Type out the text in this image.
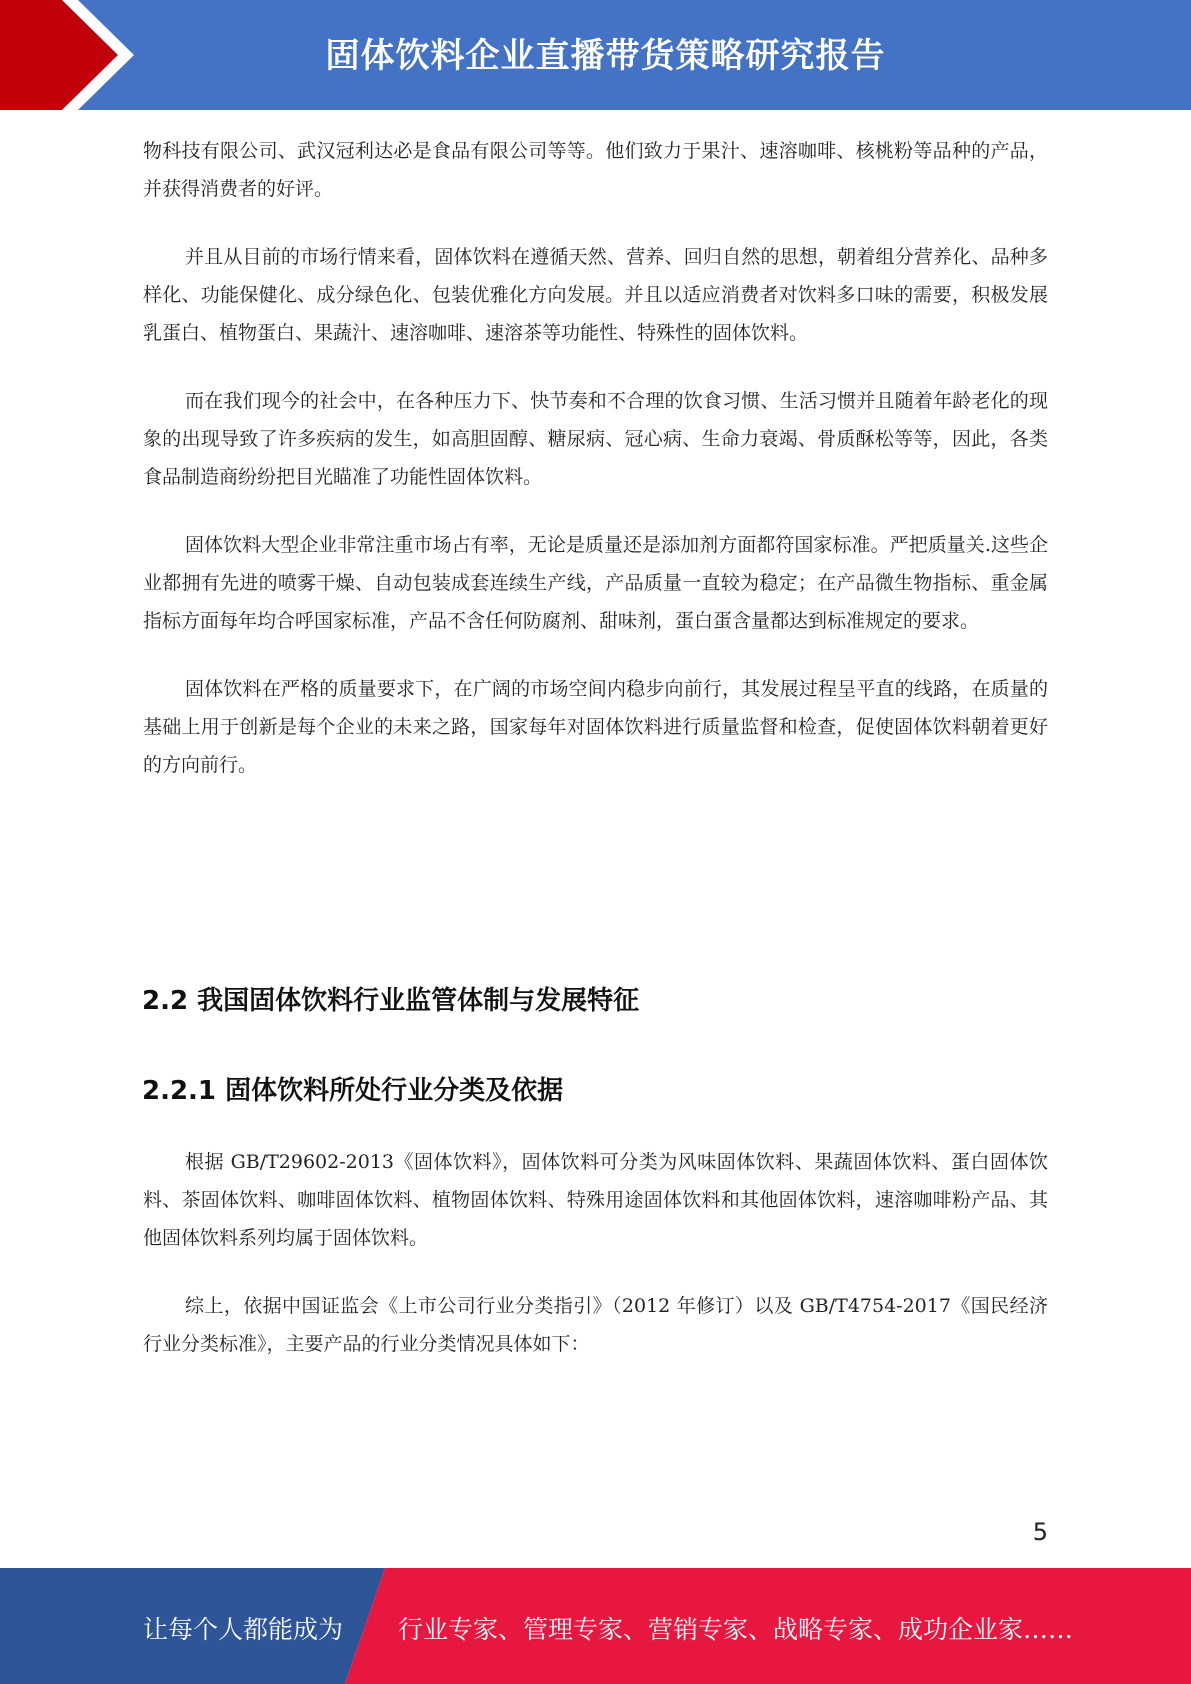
固体饮料企业直播带货策略研究报告

物科技有限公司、武汉冠利达必是食品有限公司等等。他们致力于果汁、速溶咖啡、核桃粉等品种的产品，并获得消费者的好评。

并且从目前的市场行情来看，固体饮料在遵循天然、营养、回归自然的思想，朝着组分营养化、品种多样化、功能保健化、成分绿色化、包装优雅化方向发展。并且以适应消费者对饮料多口味的需要，积极发展乳蛋白、植物蛋白、果蔬汁、速溶咖啡、速溶茶等功能性、特殊性的固体饮料。

而在我们现今的社会中，在各种压力下、快节奏和不合理的饮食习惯、生活习惯并且随着年龄老化的现象的出现导致了许多疾病的发生，如高胆固醇、糖尿病、冠心病、生命力衰竭、骨质酥松等等，因此，各类食品制造商纷纷把目光瞄准了功能性固体饮料。

固体饮料大型企业非常注重市场占有率，无论是质量还是添加剂方面都符国家标准。严把质量关.这些企业都拥有先进的喷雾干燥、自动包装成套连续生产线，产品质量一直较为稳定；在产品微生物指标、重金属指标方面每年均合呼国家标准，产品不含任何防腐剂、甜味剂，蛋白蛋含量都达到标准规定的要求。

固体饮料在严格的质量要求下，在广阔的市场空间内稳步向前行，其发展过程呈平直的线路，在质量的基础上用于创新是每个企业的未来之路，国家每年对固体饮料进行质量监督和检查，促使固体饮料朝着更好的方向前行。

2.2 我国固体饮料行业监管体制与发展特征
2.2.1 固体饮料所处行业分类及依据

根据 GB/T29602-2013《固体饮料》，固体饮料可分类为风味固体饮料、果蔬固体饮料、蛋白固体饮料、茶固体饮料、咖啡固体饮料、植物固体饮料、特殊用途固体饮料和其他固体饮料，速溶咖啡粉产品、其他固体饮料系列均属于固体饮料。

综上，依据中国证监会《上市公司行业分类指引》（2012 年修订）以及 GB/T4754-2017《国民经济行业分类标准》，主要产品的行业分类情况具体如下：

5
让每个人都能成为 行业专家、管理专家、营销专家、战略专家、成功企业家……
